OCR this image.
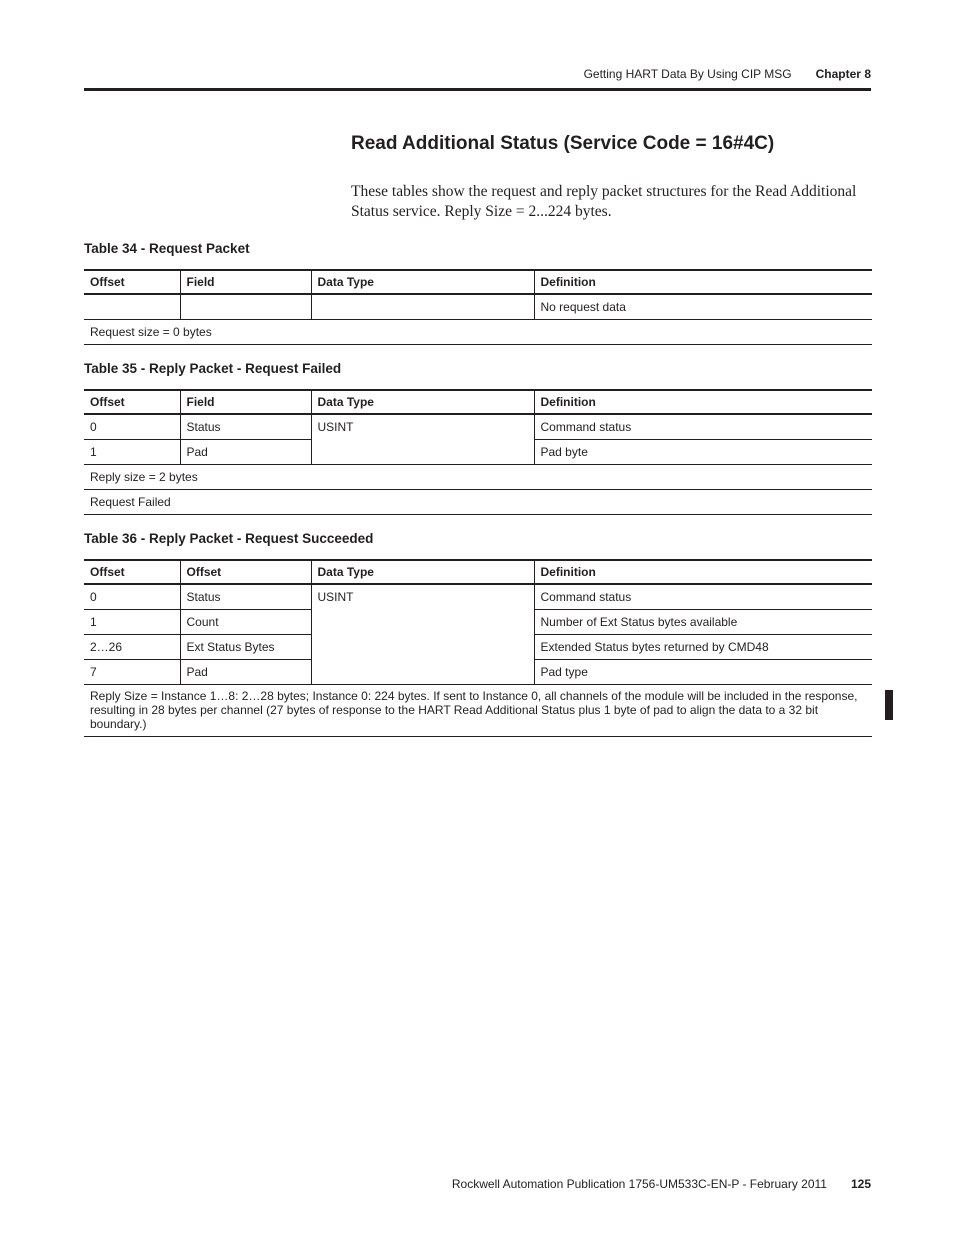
Getting HART Data By Using CIP MSG Chapter 8
Read Additional Status (Service Code = 16#4C)
These tables show the request and reply packet structures for the Read Additional Status service. Reply Size = 2...224 bytes.
Table 34 - Request Packet
Offset	Field	Data Type	Definition
			No request data
Request size = 0 bytes			
Table 35 - Reply Packet - Request Failed
Offset	Field	Data Type	Definition
0	Status	USINT	Command status
1	Pad		Pad byte
Reply size = 2 bytes			
Request Failed			
Table 36 - Reply Packet - Request Succeeded
Offset	Offset	Data Type	Definition
0	Status	USINT	Command status
1	Count		Number of Ext Status bytes available
2…26	Ext Status Bytes		Extended Status bytes returned by CMD48
7	Pad		Pad type
Reply Size = Instance 1…8: 2…28 bytes; Instance 0: 224 bytes. If sent to Instance 0, all channels of the module will be included in the response, resulting in 28 bytes per channel (27 bytes of response to the HART Read Additional Status plus 1 byte of pad to align the data to a 32 bit boundary.)			
Rockwell Automation Publication 1756-UM533C-EN-P - February 2011 125
